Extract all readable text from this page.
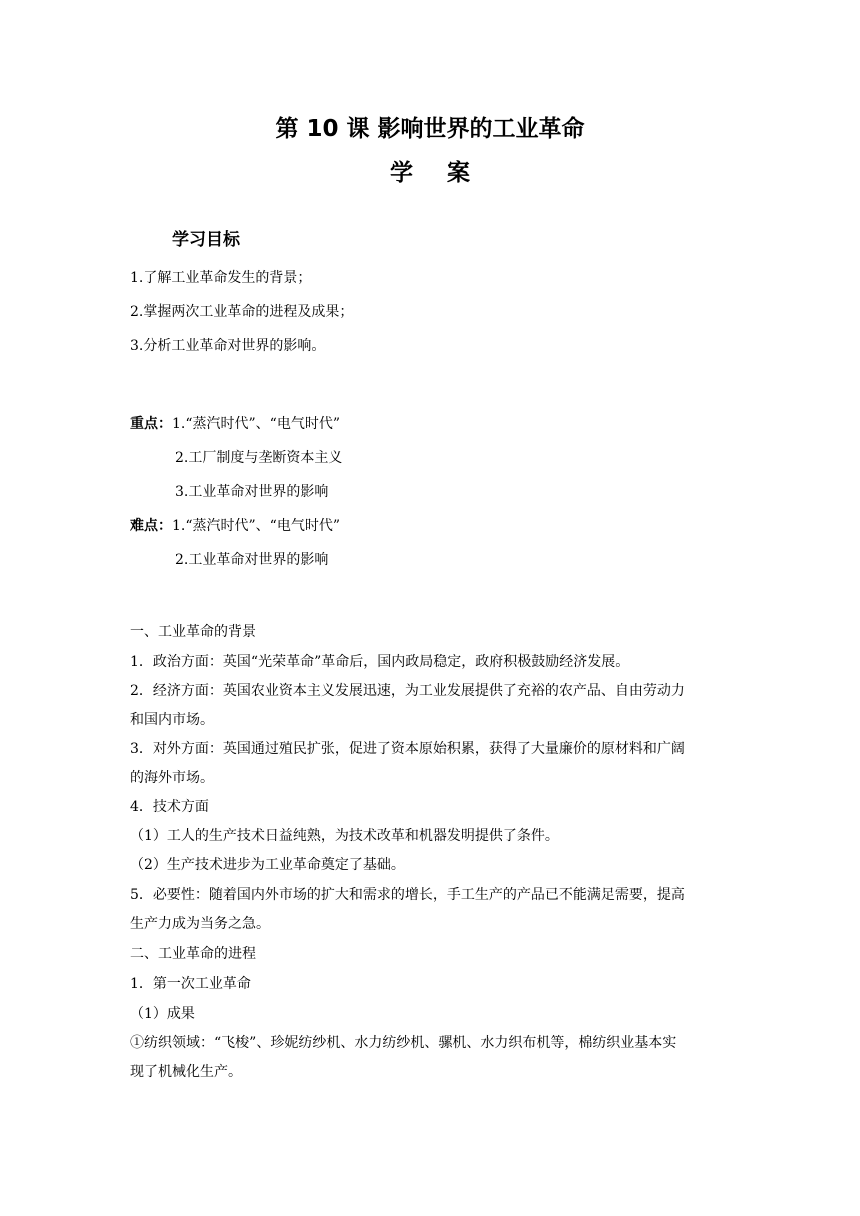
第 10 课 影响世界的工业革命
学案
学习目标
1.了解工业革命发生的背景；
2.掌握两次工业革命的进程及成果；
3.分析工业革命对世界的影响。
重点：1.“蒸汽时代”、“电气时代”
2.工厂制度与垄断资本主义
3.工业革命对世界的影响
难点：1.“蒸汽时代”、“电气时代”
2.工业革命对世界的影响
一、工业革命的背景
1．政治方面：英国“光荣革命”革命后，国内政局稳定，政府积极鼓励经济发展。
2．经济方面：英国农业资本主义发展迅速，为工业发展提供了充裕的农产品、自由劳动力
和国内市场。
3．对外方面：英国通过殖民扩张，促进了资本原始积累，获得了大量廉价的原材料和广阔
的海外市场。
4．技术方面
（1）工人的生产技术日益纯熟，为技术改革和机器发明提供了条件。
（2）生产技术进步为工业革命奠定了基础。
5．必要性：随着国内外市场的扩大和需求的增长，手工生产的产品已不能满足需要，提高
生产力成为当务之急。
二、工业革命的进程
1．第一次工业革命
（1）成果
①纺织领域：“飞梭”、珍妮纺纱机、水力纺纱机、骡机、水力织布机等，棉纺织业基本实
现了机械化生产。
